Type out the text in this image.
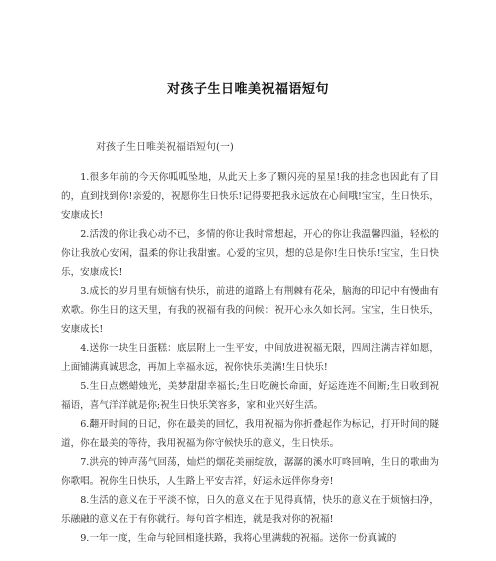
对孩子生日唯美祝福语短句
对孩子生日唯美祝福语短句(一)

1.很多年前的今天你呱呱坠地，从此天上多了颗闪亮的星星!我的挂念也因此有了目的，直到找到你!亲爱的，祝愿你生日快乐!记得要把我永远放在心间哦!宝宝，生日快乐，安康成长!

2.活泼的你让我心动不已，多情的你让我时常想起，开心的你让我温馨四溢，轻松的你让我放心安闲，温柔的你让我甜蜜。心爱的宝贝，想的总是你!生日快乐!宝宝，生日快乐，安康成长!

3.成长的岁月里有烦恼有快乐，前进的道路上有荆棘有花朵，脑海的印记中有慢曲有欢歌。你生日的这天里，有我的祝福有我的问候：祝开心永久如长河。宝宝，生日快乐，安康成长!

4.送你一块生日蛋糕：底层附上一生平安，中间放进祝福无限，四周注满吉祥如愿，上面铺满真诚思念，再加上幸福永远，祝你快乐美满!生日快乐!

5.生日点燃蜡烛光，美梦甜甜幸福长;生日吃碗长命面，好运连连不间断;生日收到祝福语，喜气洋洋就是你;祝生日快乐笑容多，家和业兴好生活。

6.翻开时间的日记，你在最美的回忆，我用祝福为你折叠起作为标记，打开时间的隧道，你在最美的等待，我用祝福为你守候快乐的意义，生日快乐。

7.洪亮的钟声荡气回荡，灿烂的烟花美丽绽放，潺潺的溪水叮咚回响，生日的歌曲为你歌唱。祝你生日快乐，人生路上平安吉祥，好运永远伴你身旁!

8.生活的意义在于平淡不惊，日久的意义在于见得真情，快乐的意义在于烦恼扫净，乐融融的意义在于有你就行。每句首字相连，就是我对你的祝福!

9.一年一度，生命与轮回相逢扶路，我将心里满载的祝福。送你一份真诚的
